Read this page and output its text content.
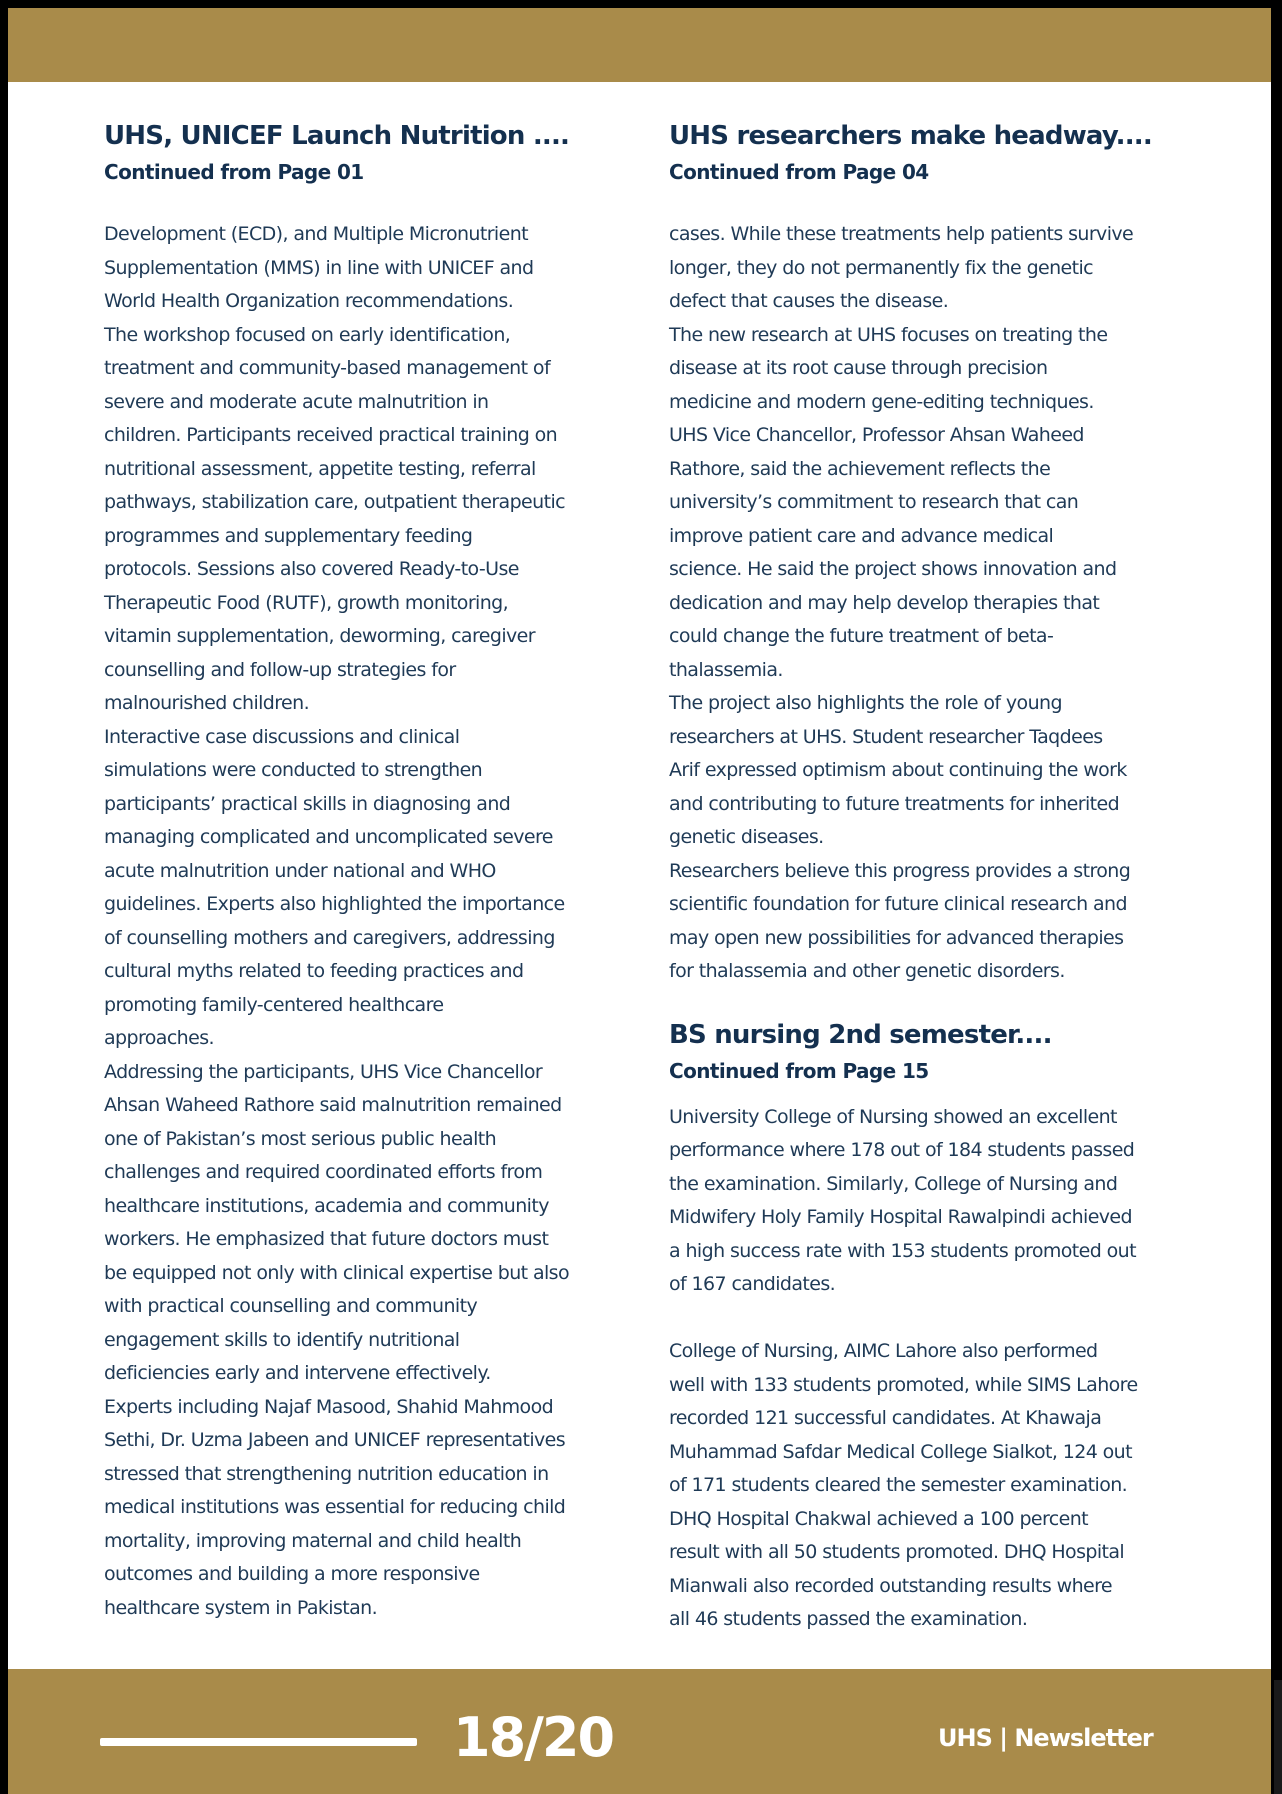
UHS, UNICEF Launch Nutrition ....
Continued from Page 01
Development (ECD), and Multiple Micronutrient
Supplementation (MMS) in line with UNICEF and
World Health Organization recommendations.
The workshop focused on early identification,
treatment and community-based management of
severe and moderate acute malnutrition in
children. Participants received practical training on
nutritional assessment, appetite testing, referral
pathways, stabilization care, outpatient therapeutic
programmes and supplementary feeding
protocols. Sessions also covered Ready-to-Use
Therapeutic Food (RUTF), growth monitoring,
vitamin supplementation, deworming, caregiver
counselling and follow-up strategies for
malnourished children.
Interactive case discussions and clinical
simulations were conducted to strengthen
participants’ practical skills in diagnosing and
managing complicated and uncomplicated severe
acute malnutrition under national and WHO
guidelines. Experts also highlighted the importance
of counselling mothers and caregivers, addressing
cultural myths related to feeding practices and
promoting family-centered healthcare
approaches.
Addressing the participants, UHS Vice Chancellor
Ahsan Waheed Rathore said malnutrition remained
one of Pakistan’s most serious public health
challenges and required coordinated efforts from
healthcare institutions, academia and community
workers. He emphasized that future doctors must
be equipped not only with clinical expertise but also
with practical counselling and community
engagement skills to identify nutritional
deficiencies early and intervene effectively.
Experts including Najaf Masood, Shahid Mahmood
Sethi, Dr. Uzma Jabeen and UNICEF representatives
stressed that strengthening nutrition education in
medical institutions was essential for reducing child
mortality, improving maternal and child health
outcomes and building a more responsive
healthcare system in Pakistan.
UHS researchers make headway....
Continued from Page 04
cases. While these treatments help patients survive
longer, they do not permanently fix the genetic
defect that causes the disease.
The new research at UHS focuses on treating the
disease at its root cause through precision
medicine and modern gene-editing techniques.
UHS Vice Chancellor, Professor Ahsan Waheed
Rathore, said the achievement reflects the
university’s commitment to research that can
improve patient care and advance medical
science. He said the project shows innovation and
dedication and may help develop therapies that
could change the future treatment of beta-
thalassemia.
The project also highlights the role of young
researchers at UHS. Student researcher Taqdees
Arif expressed optimism about continuing the work
and contributing to future treatments for inherited
genetic diseases.
Researchers believe this progress provides a strong
scientific foundation for future clinical research and
may open new possibilities for advanced therapies
for thalassemia and other genetic disorders.
BS nursing 2nd semester....
Continued from Page 15
University College of Nursing showed an excellent
performance where 178 out of 184 students passed
the examination. Similarly, College of Nursing and
Midwifery Holy Family Hospital Rawalpindi achieved
a high success rate with 153 students promoted out
of 167 candidates.
College of Nursing, AIMC Lahore also performed
well with 133 students promoted, while SIMS Lahore
recorded 121 successful candidates. At Khawaja
Muhammad Safdar Medical College Sialkot, 124 out
of 171 students cleared the semester examination.
DHQ Hospital Chakwal achieved a 100 percent
result with all 50 students promoted. DHQ Hospital
Mianwali also recorded outstanding results where
all 46 students passed the examination.
18/20	UHS | Newsletter
